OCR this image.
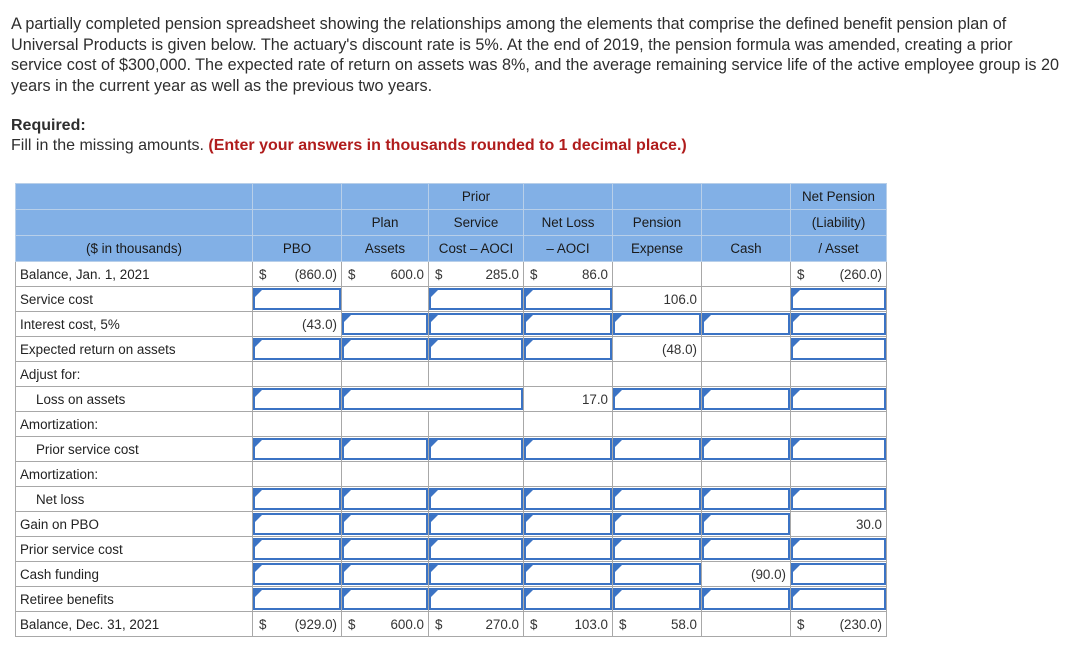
A partially completed pension spreadsheet showing the relationships among the elements that comprise the defined benefit pension plan of Universal Products is given below. The actuary's discount rate is 5%. At the end of 2019, the pension formula was amended, creating a prior service cost of $300,000. The expected rate of return on assets was 8%, and the average remaining service life of the active employee group is 20 years in the current year as well as the previous two years.
Required:
Fill in the missing amounts. (Enter your answers in thousands rounded to 1 decimal place.)
			Prior				Net Pension
		Plan	Service	Net Loss	Pension		(Liability)
($ in thousands)	PBO	Assets	Cost – AOCI	– AOCI	Expense	Cash	/ Asset
Balance, Jan. 1, 2021	$ (860.0)	$ 600.0	$ 285.0	$ 86.0			$ (260.0)

Service cost					106.0

Interest cost, 5%	(43.0)

Expected return on assets					(48.0)

Adjust for:	

Loss on assets				17.0

Amortization:	

Prior service cost	

Amortization:	

Net loss	

Gain on PBO							30.0

Prior service cost	

Cash funding						(90.0)

Retiree benefits	

Balance, Dec. 31, 2021	$ (929.0)	$ 600.0	$ 270.0	$ 103.0	$ 58.0		$ (230.0)
